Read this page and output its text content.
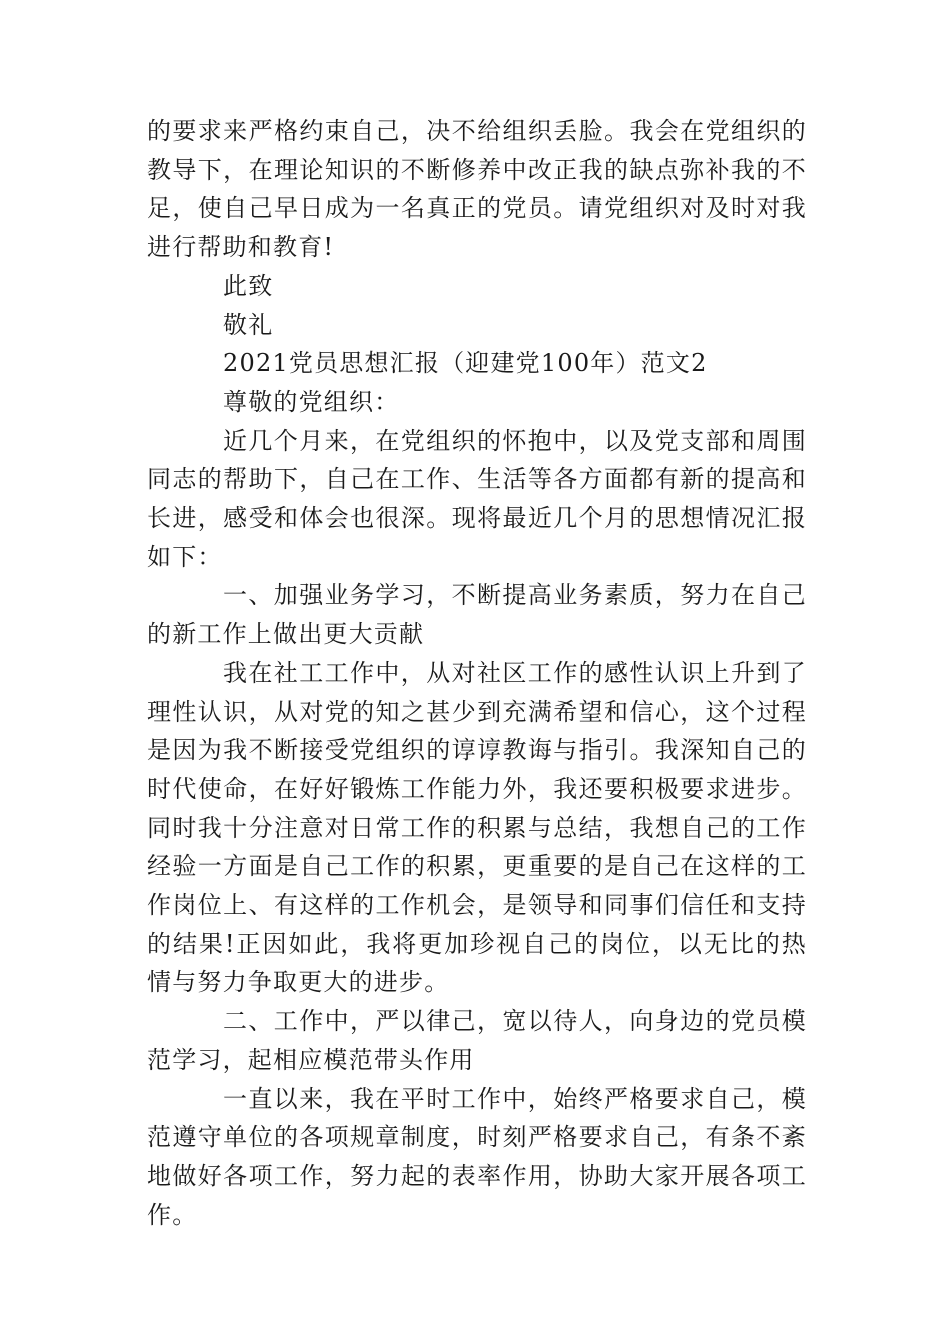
的要求来严格约束自己，决不给组织丢脸。我会在党组织的教导下，在理论知识的不断修养中改正我的缺点弥补我的不足，使自己早日成为一名真正的党员。请党组织对及时对我进行帮助和教育!

此致

敬礼

2021党员思想汇报（迎建党100年）范文2

尊敬的党组织：

近几个月来，在党组织的怀抱中，以及党支部和周围同志的帮助下，自己在工作、生活等各方面都有新的提高和长进，感受和体会也很深。现将最近几个月的思想情况汇报如下：

一、加强业务学习，不断提高业务素质，努力在自己的新工作上做出更大贡献

我在社工工作中，从对社区工作的感性认识上升到了理性认识，从对党的知之甚少到充满希望和信心，这个过程是因为我不断接受党组织的谆谆教诲与指引。我深知自己的时代使命，在好好锻炼工作能力外，我还要积极要求进步。同时我十分注意对日常工作的积累与总结，我想自己的工作经验一方面是自己工作的积累，更重要的是自己在这样的工作岗位上、有这样的工作机会，是领导和同事们信任和支持的结果!正因如此，我将更加珍视自己的岗位，以无比的热情与努力争取更大的进步。

二、工作中，严以律己，宽以待人，向身边的党员模范学习，起相应模范带头作用

一直以来，我在平时工作中，始终严格要求自己，模范遵守单位的各项规章制度，时刻严格要求自己，有条不紊地做好各项工作，努力起的表率作用，协助大家开展各项工作。
